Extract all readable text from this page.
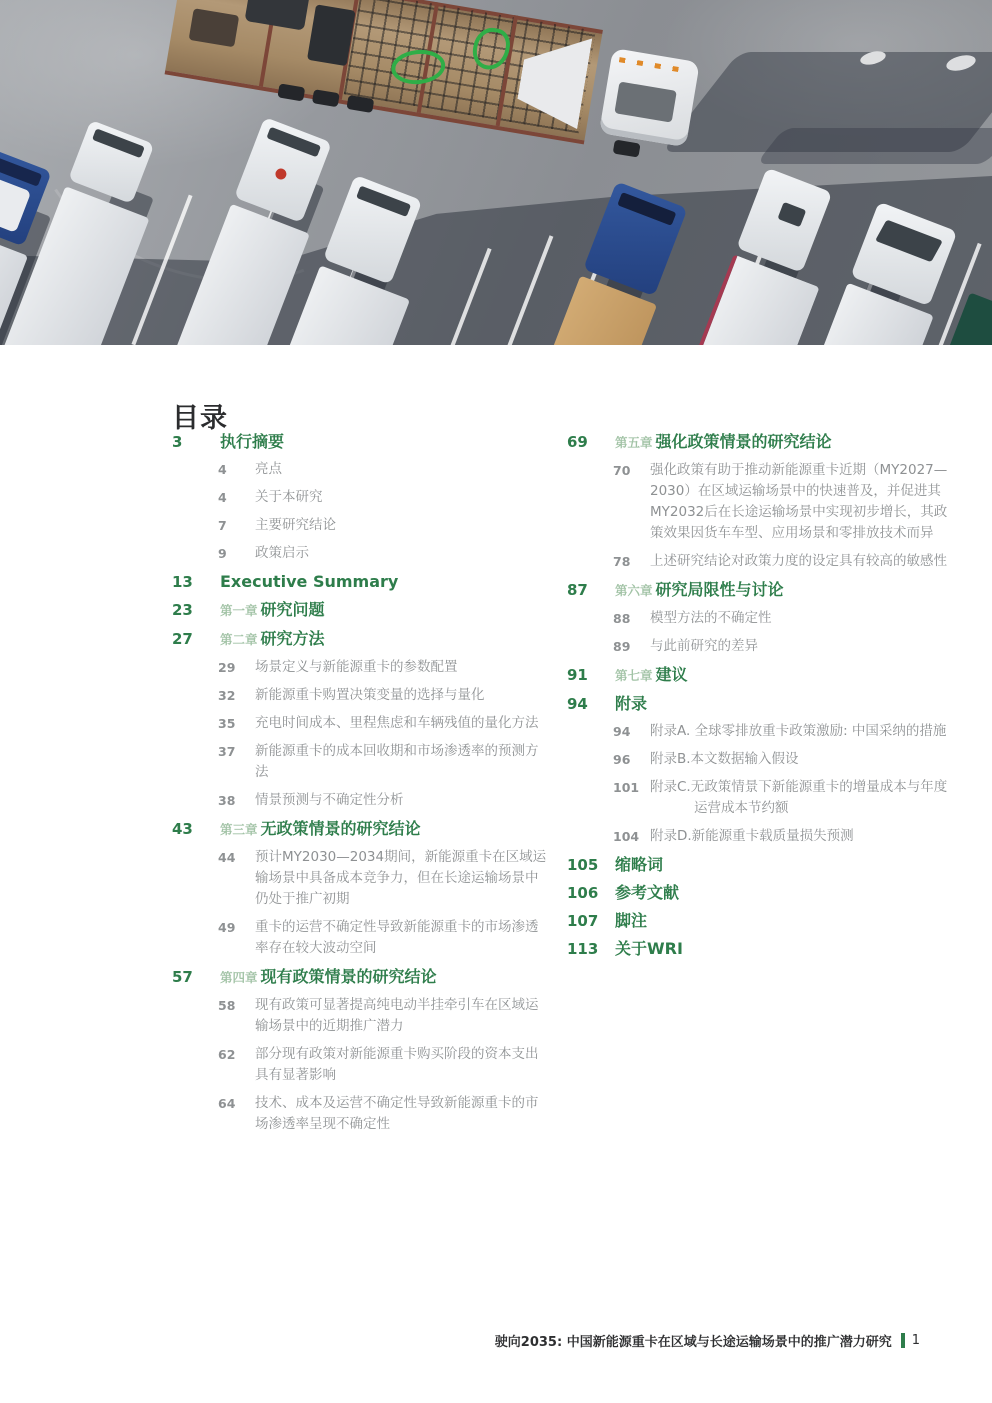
目录
3	执行摘要
4	亮点
4	关于本研究
7	主要研究结论
9	政策启示
13	Executive Summary
23	第一章 研究问题
27	第二章 研究方法
29	场景定义与新能源重卡的参数配置
32	新能源重卡购置决策变量的选择与量化
35	充电时间成本、里程焦虑和车辆残值的量化方法
37	新能源重卡的成本回收期和市场渗透率的预测方法
38	情景预测与不确定性分析
43	第三章 无政策情景的研究结论
44	预计MY2030—2034期间，新能源重卡在区域运输场景中具备成本竞争力，但在长途运输场景中仍处于推广初期
49	重卡的运营不确定性导致新能源重卡的市场渗透率存在较大波动空间
57	第四章 现有政策情景的研究结论
58	现有政策可显著提高纯电动半挂牵引车在区域运输场景中的近期推广潜力
62	部分现有政策对新能源重卡购买阶段的资本支出具有显著影响
64	技术、成本及运营不确定性导致新能源重卡的市场渗透率呈现不确定性
69	第五章 强化政策情景的研究结论
70	强化政策有助于推动新能源重卡近期（MY2027—2030）在区域运输场景中的快速普及，并促进其MY2032后在长途运输场景中实现初步增长，其政策效果因货车车型、应用场景和零排放技术而异
78	上述研究结论对政策力度的设定具有较高的敏感性
87	第六章 研究局限性与讨论
88	模型方法的不确定性
89	与此前研究的差异
91	第七章 建议
94	附录
94	附录A. 全球零排放重卡政策激励: 中国采纳的措施
96	附录B.本文数据输入假设
101 附录C.无政策情景下新能源重卡的增量成本与年度运营成本节约额
104 附录D.新能源重卡载质量损失预测
105	缩略词
106	参考文献
107	脚注
113	关于WRI
驶向2035: 中国新能源重卡在区域与长途运输场景中的推广潜力研究 1
